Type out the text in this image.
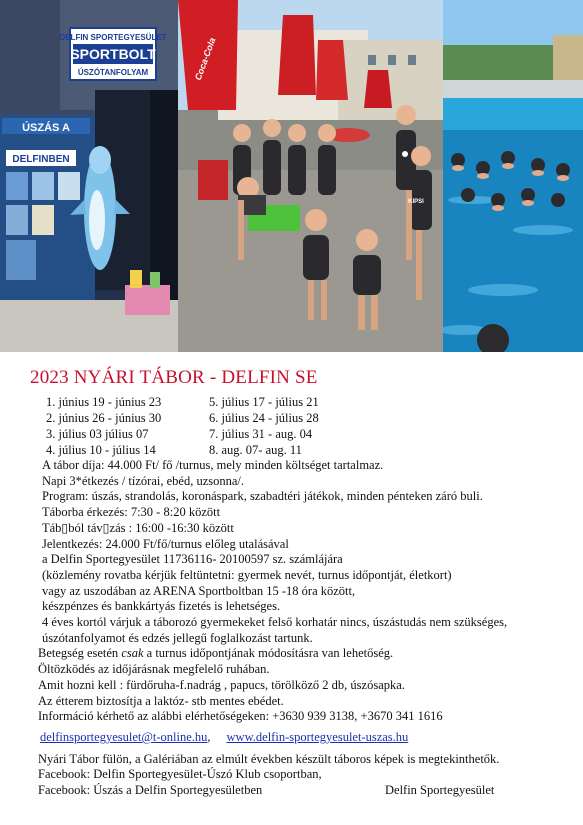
DELFIN SPORTEGYESÜLET
SPORTBOLT
ÚSZÓTANFOLYAM
ÚSZÁS A
DELFINBEN
Coca-Cola
KIPSI
2023 NYÁRI TÁBOR - DELFIN SE
1. június 19 - június 23
2. június 26 - június 30
3. július 03 július 07
4. július 10 - július 14
5. július 17 - július 21
6. július 24 - július 28
7. július 31 - aug. 04
8. aug. 07- aug. 11

A tábor díja: 44.000 Ft/ fő /turnus, mely minden költséget tartalmaz.

Napi 3*étkezés / tízórai, ebéd, uzsonna/.

Program: úszás, strandolás, koronáspark, szabadtéri játékok, minden pénteken záró buli.

Táborba érkezés: 7:30 - 8:20 között

Táb▯ból táv▯zás : 16:00 -16:30 között

Jelentkezés: 24.000 Ft/fő/turnus előleg utalásával

a Delfin Sportegyesület 11736116- 20100597 sz. számlájára

(közlemény rovatba kérjük feltüntetni: gyermek nevét, turnus időpontját, életkort)

vagy az uszodában az ARENA Sportboltban 15 -18 óra között,

készpénzes és bankkártyás fizetés is lehetséges.

4 éves kortól várjuk a táborozó gyermekeket felső korhatár nincs, úszástudás nem szükséges,

úszótanfolyamot és edzés jellegű foglalkozást tartunk.

Betegség esetén csak a turnus időpontjának módosításra van lehetőség.

Öltözködés az időjárásnak megfelelő ruhában.

Amit hozni kell : fürdőruha-f.nadrág , papucs, törölköző 2 db, úszósapka.

Az étterem biztosítja a laktóz- stb mentes ebédet.

Információ kérhető az alábbi elérhetőségeken: +3630 939 3138, +3670 341 1616

delfinsportegyesulet@t-online.hu, www.delfin-sportegyesulet-uszas.hu

Nyári Tábor fülön, a Galériában az elmúlt években készült táboros képek is megtekinthetők.

Facebook: Delfin Sportegyesület-Úszó Klub csoportban,

Facebook: Úszás a Delfin Sportegyesületben	Delfin Sportegyesület
